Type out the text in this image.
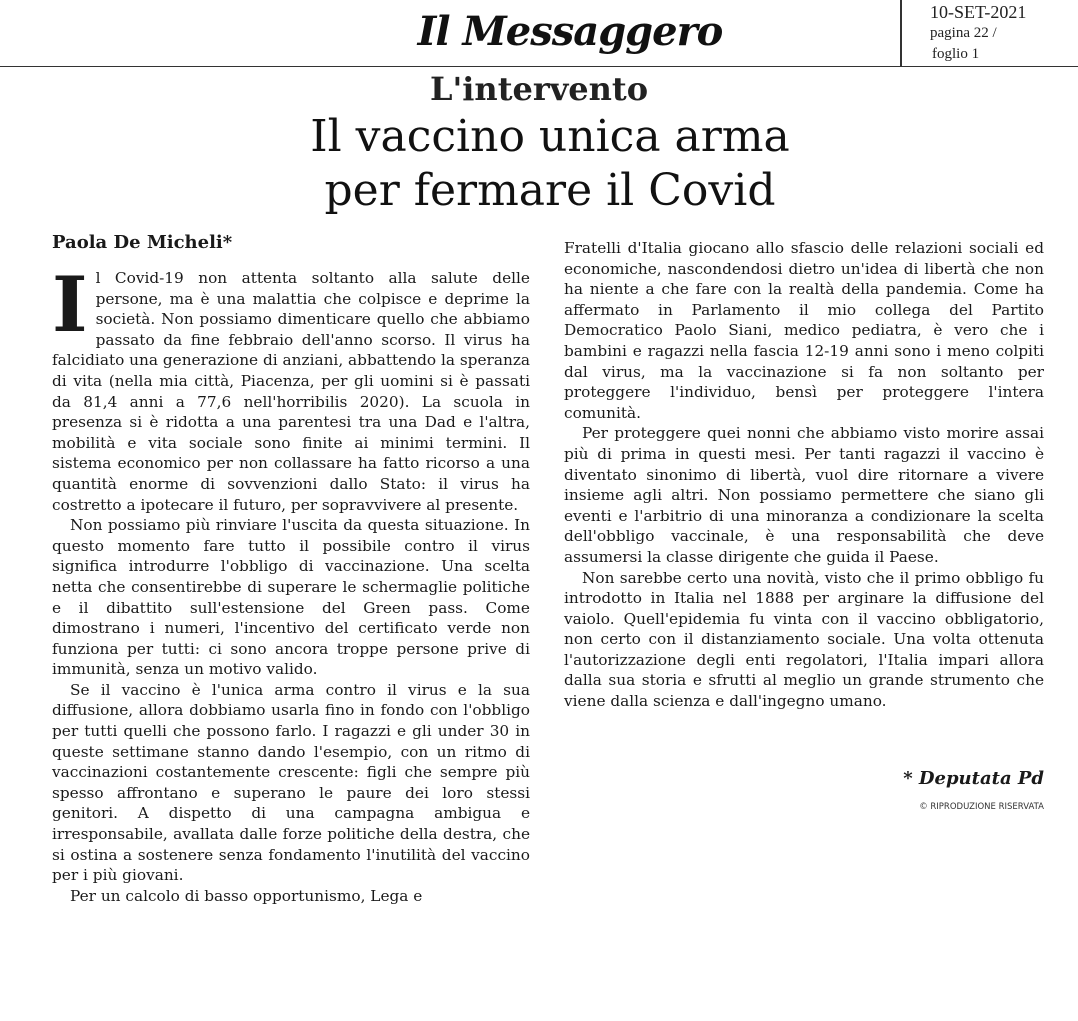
Il Messaggero	10-SET-2021
pagina 22 /
foglio 1
L'intervento
Il vaccino unica arma
per fermare il Covid
Paola De Micheli*

Il Covid-19 non attenta soltanto alla salute delle persone, ma è una malattia che colpisce e deprime la società. Non possiamo dimenticare quello che abbiamo passato da fine febbraio dell'anno scorso. Il virus ha falcidiato una generazione di anziani, abbattendo la speranza di vita (nella mia città, Piacenza, per gli uomini si è passati da 81,4 anni a 77,6 nell'horribilis 2020). La scuola in presenza si è ridotta a una parentesi tra una Dad e l'altra, mobilità e vita sociale sono finite ai minimi termini. Il sistema economico per non collassare ha fatto ricorso a una quantità enorme di sovvenzioni dallo Stato: il virus ha costretto a ipotecare il futuro, per sopravvivere al presente.

Non possiamo più rinviare l'uscita da questa situazione. In questo momento fare tutto il possibile contro il virus significa introdurre l'obbligo di vaccinazione. Una scelta netta che consentirebbe di superare le schermaglie politiche e il dibattito sull'estensione del Green pass. Come dimostrano i numeri, l'incentivo del certificato verde non funziona per tutti: ci sono ancora troppe persone prive di immunità, senza un motivo valido.

Se il vaccino è l'unica arma contro il virus e la sua diffusione, allora dobbiamo usarla fino in fondo con l'obbligo per tutti quelli che possono farlo. I ragazzi e gli under 30 in queste settimane stanno dando l'esempio, con un ritmo di vaccinazioni costantemente crescente: figli che sempre più spesso affrontano e superano le paure dei loro stessi genitori. A dispetto di una campagna ambigua e irresponsabile, avallata dalle forze politiche della destra, che si ostina a sostenere senza fondamento l'inutilità del vaccino per i più giovani.

Per un calcolo di basso opportunismo, Lega e

Fratelli d'Italia giocano allo sfascio delle relazioni sociali ed economiche, nascondendosi dietro un'idea di libertà che non ha niente a che fare con la realtà della pandemia. Come ha affermato in Parlamento il mio collega del Partito Democratico Paolo Siani, medico pediatra, è vero che i bambini e ragazzi nella fascia 12-19 anni sono i meno colpiti dal virus, ma la vaccinazione si fa non soltanto per proteggere l'individuo, bensì per proteggere l'intera comunità.

Per proteggere quei nonni che abbiamo visto morire assai più di prima in questi mesi. Per tanti ragazzi il vaccino è diventato sinonimo di libertà, vuol dire ritornare a vivere insieme agli altri. Non possiamo permettere che siano gli eventi e l'arbitrio di una minoranza a condizionare la scelta dell'obbligo vaccinale, è una responsabilità che deve assumersi la classe dirigente che guida il Paese.

Non sarebbe certo una novità, visto che il primo obbligo fu introdotto in Italia nel 1888 per arginare la diffusione del vaiolo. Quell'epidemia fu vinta con il vaccino obbligatorio, non certo con il distanziamento sociale. Una volta ottenuta l'autorizzazione degli enti regolatori, l'Italia impari allora dalla sua storia e sfrutti al meglio un grande strumento che viene dalla scienza e dall'ingegno umano.

* Deputata Pd
© RIPRODUZIONE RISERVATA
